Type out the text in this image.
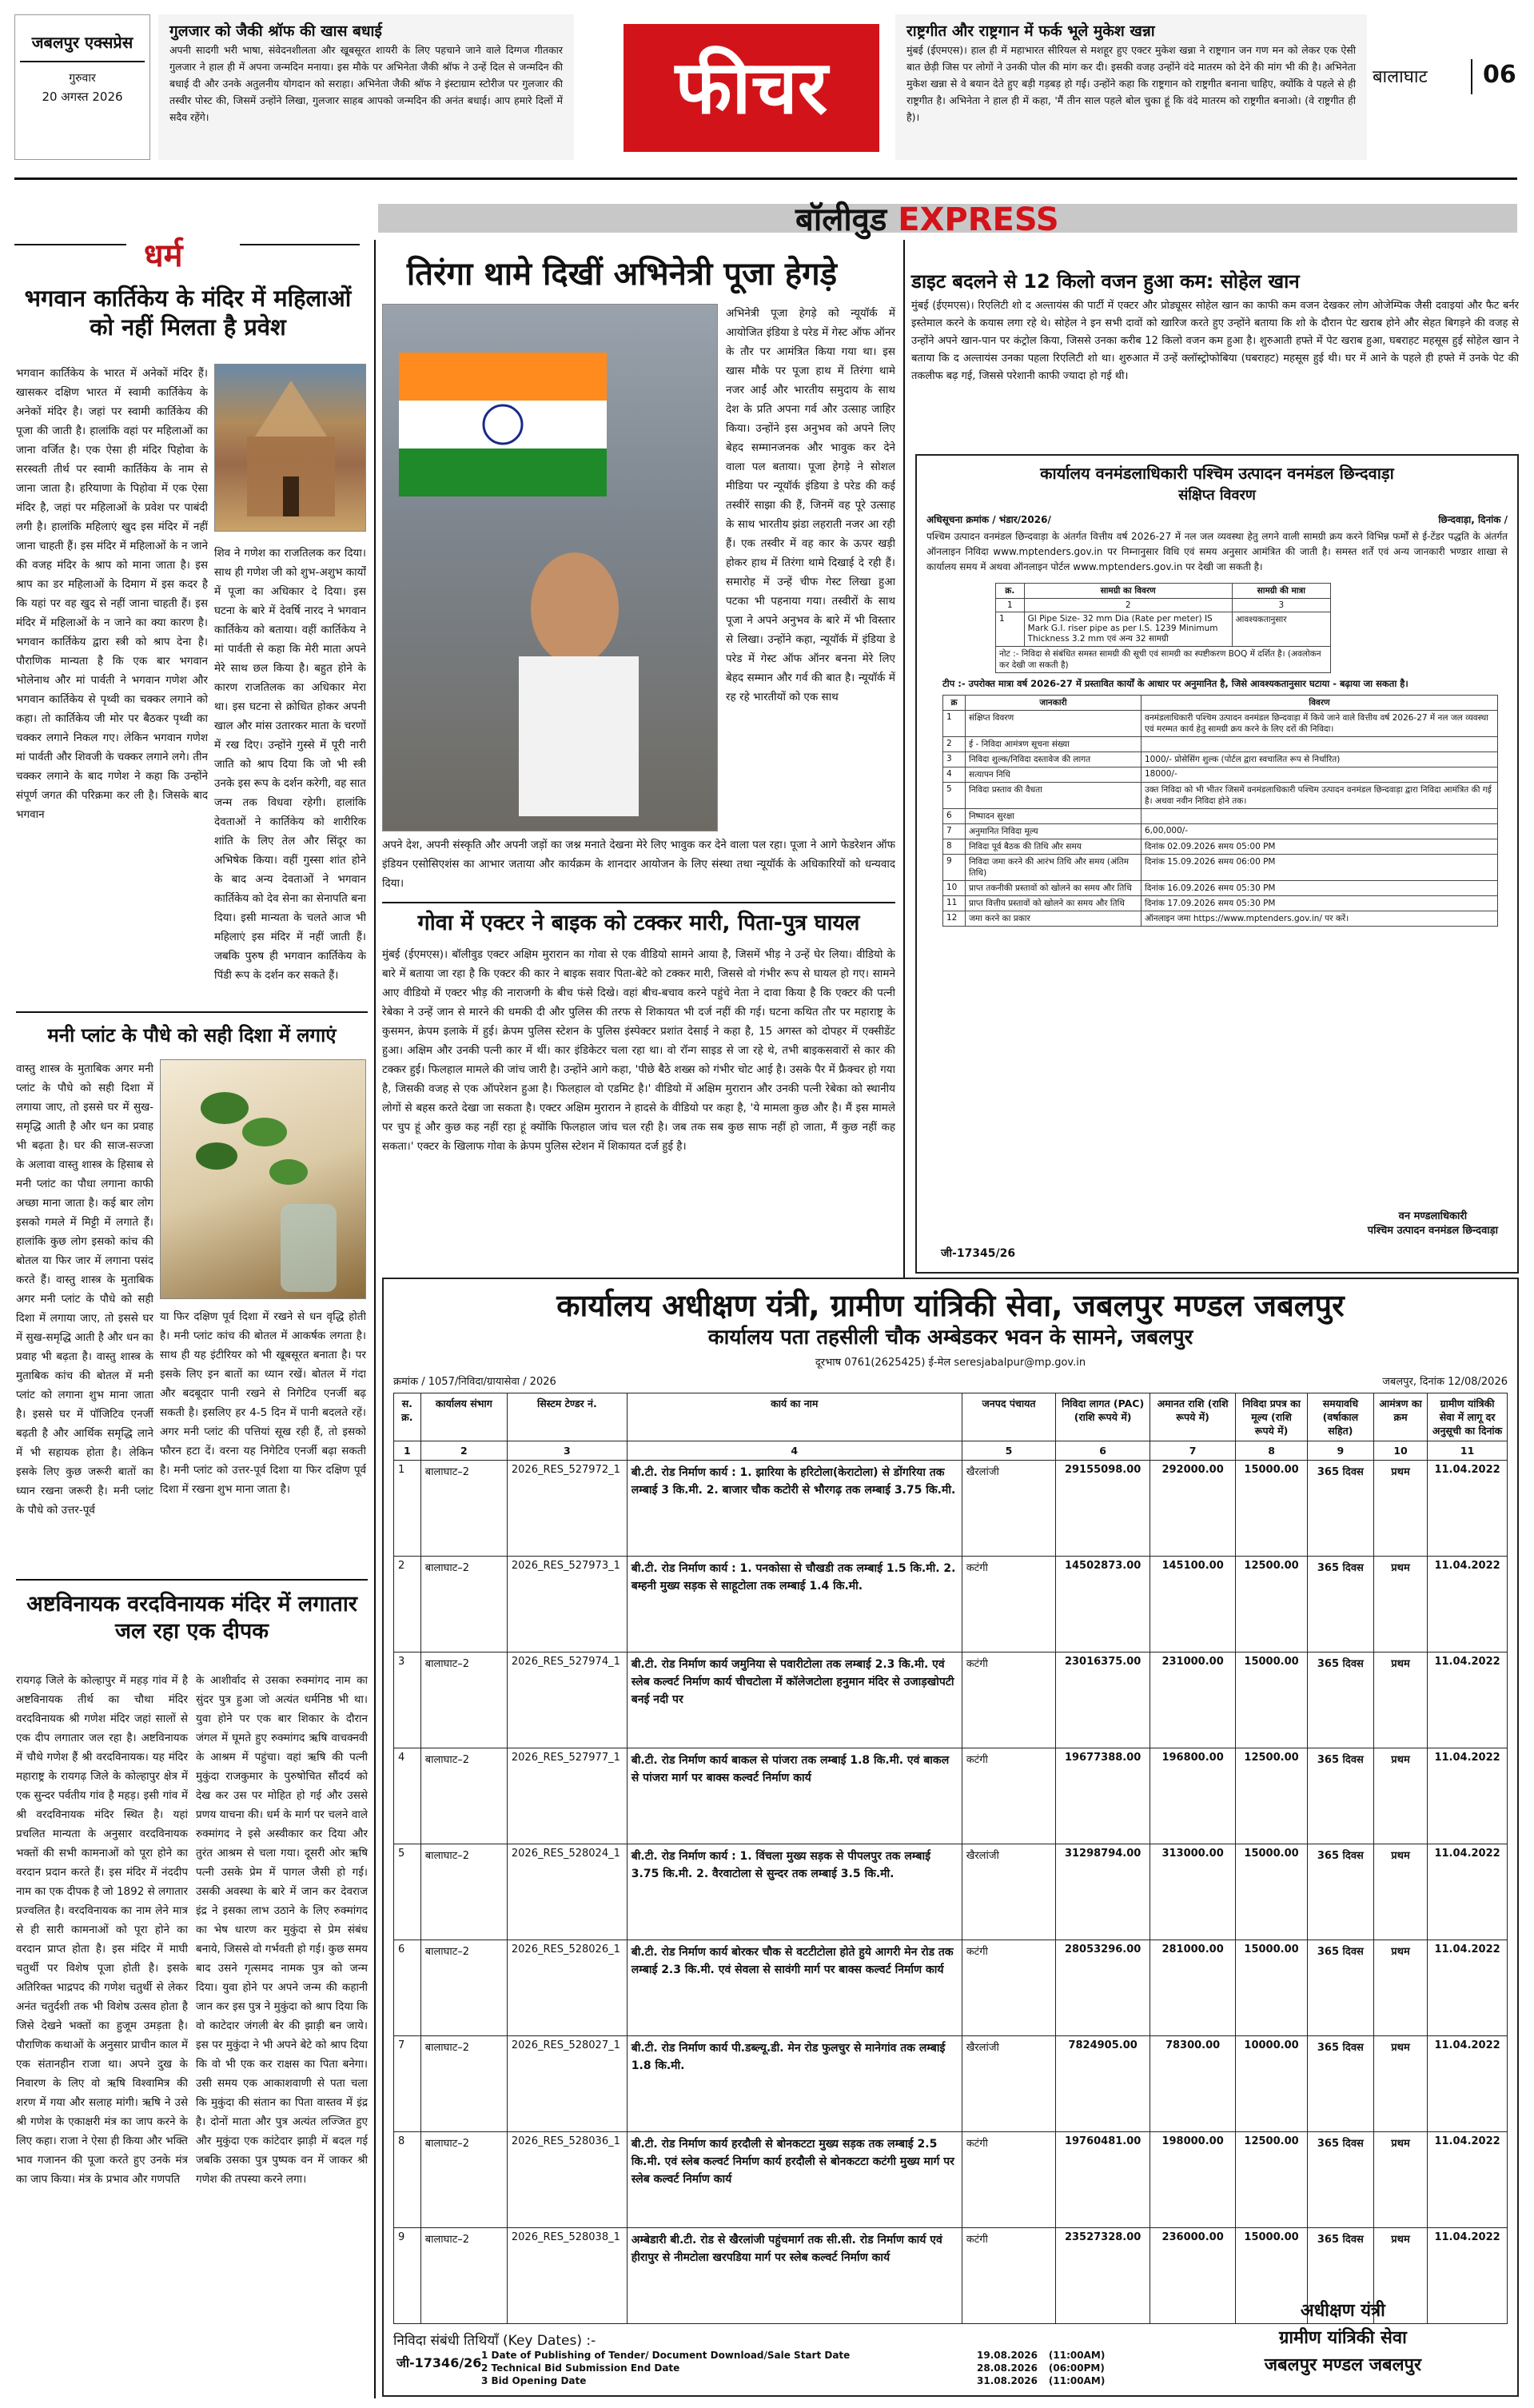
जबलपुर एक्सप्रेस
गुरुवार
20 अगस्त 2026
गुलजार को जैकी श्रॉफ की खास बधाई

अपनी सादगी भरी भाषा, संवेदनशीलता और खूबसूरत शायरी के लिए पहचाने जाने वाले दिग्गज गीतकार गुलजार ने हाल ही में अपना जन्मदिन मनाया। इस मौके पर अभिनेता जैकी श्रॉफ ने उन्हें दिल से जन्मदिन की बधाई दी और उनके अतुलनीय योगदान को सराहा। अभिनेता जैकी श्रॉफ ने इंस्टाग्राम स्टोरीज पर गुलजार की तस्वीर पोस्ट की, जिसमें उन्होंने लिखा, गुलजार साहब आपको जन्मदिन की अनंत बधाई। आप हमारे दिलों में सदैव रहेंगे।	फीचर
राष्ट्रगीत और राष्ट्रगान में फर्क भूले मुकेश खन्ना

मुंबई (ईएमएस)। हाल ही में महाभारत सीरियल से मशहूर हुए एक्टर मुकेश खन्ना ने राष्ट्रगान जन गण मन को लेकर एक ऐसी बात छेड़ी जिस पर लोगों ने उनकी पोल की मांग कर दी। इसकी वजह उन्होंने वंदे मातरम को देने की मांग भी की है। अभिनेता मुकेश खन्ना से वे बयान देते हुए बड़ी गड़बड़ हो गई। उन्होंने कहा कि राष्ट्रगान को राष्ट्रगीत बनाना चाहिए, क्योंकि वे पहले से ही राष्ट्रगीत है। अभिनेता ने हाल ही में कहा, 'मैं तीन साल पहले बोल चुका हूं कि वंदे मातरम को राष्ट्रगीत बनाओ। (वे राष्ट्रगीत ही है)।

बालाघाट 06
बॉलीवुड EXPRESS
धर्म
भगवान कार्तिकेय के मंदिर में महिलाओं को नहीं मिलता है प्रवेश

भगवान कार्तिकेय के भारत में अनेकों मंदिर हैं। खासकर दक्षिण भारत में स्वामी कार्तिकेय के अनेकों मंदिर है। जहां पर स्वामी कार्तिकेय की पूजा की जाती है। हालांकि वहां पर महिलाओं का जाना वर्जित है। एक ऐसा ही मंदिर पिहोवा के सरस्वती तीर्थ पर स्वामी कार्तिकेय के नाम से जाना जाता है। हरियाणा के पिहोवा में एक ऐसा मंदिर है, जहां पर महिलाओं के प्रवेश पर पाबंदी लगी है। हालांकि महिलाएं खुद इस मंदिर में नहीं जाना चाहती हैं। इस मंदिर में महिलाओं के न जाने की वजह मंदिर के श्राप को माना जाता है। इस श्राप का डर महिलाओं के दिमाग में इस कदर है कि यहां पर वह खुद से नहीं जाना चाहती हैं। इस मंदिर में महिलाओं के न जाने का क्या कारण है। भगवान कार्तिकेय द्वारा स्त्री को श्राप देना है। पौराणिक मान्यता है कि एक बार भगवान भोलेनाथ और मां पार्वती ने भगवान गणेश और भगवान कार्तिकेय से पृथ्वी का चक्कर लगाने को कहा। तो कार्तिकेय जी मोर पर बैठकर पृथ्वी का चक्कर लगाने निकल गए। लेकिन भगवान गणेश मां पार्वती और शिवजी के चक्कर लगाने लगे। तीन चक्कर लगाने के बाद गणेश ने कहा कि उन्होंने संपूर्ण जगत की परिक्रमा कर ली है। जिसके बाद भगवान

शिव ने गणेश का राजतिलक कर दिया। साथ ही गणेश जी को शुभ-अशुभ कार्यों में पूजा का अधिकार दे दिया। इस घटना के बारे में देवर्षि नारद ने भगवान कार्तिकेय को बताया। वहीं कार्तिकेय ने मां पार्वती से कहा कि मेरी माता अपने मेरे साथ छल किया है। बहुत होने के कारण राजतिलक का अधिकार मेरा था। इस घटना से क्रोधित होकर अपनी खाल और मांस उतारकर माता के चरणों में रख दिए। उन्होंने गुस्से में पूरी नारी जाति को श्राप दिया कि जो भी स्त्री उनके इस रूप के दर्शन करेगी, वह सात जन्म तक विधवा रहेगी। हालांकि देवताओं ने कार्तिकेय को शारीरिक शांति के लिए तेल और सिंदूर का अभिषेक किया। वहीं गुस्सा शांत होने के बाद अन्य देवताओं ने भगवान कार्तिकेय को देव सेना का सेनापति बना दिया। इसी मान्यता के चलते आज भी महिलाएं इस मंदिर में नहीं जाती हैं। जबकि पुरुष ही भगवान कार्तिकेय के पिंडी रूप के दर्शन कर सकते हैं।

मनी प्लांट के पौधे को सही दिशा में लगाएं

वास्तु शास्त्र के मुताबिक अगर मनी प्लांट के पौधे को सही दिशा में लगाया जाए, तो इससे घर में सुख-समृद्धि आती है और धन का प्रवाह भी बढ़ता है। घर की साज-सज्जा के अलावा वास्तु शास्त्र के हिसाब से मनी प्लांट का पौधा लगाना काफी अच्छा माना जाता है। कई बार लोग इसको गमले में मिट्टी में लगाते हैं। हालांकि कुछ लोग इसको कांच की बोतल या फिर जार में लगाना पसंद करते हैं। वास्तु शास्त्र के मुताबिक अगर मनी प्लांट के पौधे को सही दिशा में लगाया जाए, तो इससे घर में सुख-समृद्धि आती है और धन का प्रवाह भी बढ़ता है। वास्तु शास्त्र के मुताबिक कांच की बोतल में मनी प्लांट को लगाना शुभ माना जाता है। इससे घर में पॉजिटिव एनर्जी बढ़ती है और आर्थिक समृद्धि लाने में भी सहायक होता है। लेकिन इसके लिए कुछ जरूरी बातों का ध्यान रखना जरूरी है। मनी प्लांट के पौधे को उत्तर-पूर्व

या फिर दक्षिण पूर्व दिशा में रखने से धन वृद्धि होती है। मनी प्लांट कांच की बोतल में आकर्षक लगता है। साथ ही यह इंटीरियर को भी खूबसूरत बनाता है। पर इसके लिए इन बातों का ध्यान रखें। बोतल में गंदा और बदबूदार पानी रखने से निगेटिव एनर्जी बढ़ सकती है। इसलिए हर 4-5 दिन में पानी बदलते रहें। अगर मनी प्लांट की पत्तियां सूख रही हैं, तो इसको फौरन हटा दें। वरना यह निगेटिव एनर्जी बढ़ा सकती है। मनी प्लांट को उत्तर-पूर्व दिशा या फिर दक्षिण पूर्व दिशा में रखना शुभ माना जाता है।

अष्टविनायक वरदविनायक मंदिर में लगातार जल रहा एक दीपक

रायगढ़ जिले के कोल्हापुर में महड़ गांव में है अष्टविनायक तीर्थ का चौथा मंदिर वरदविनायक श्री गणेश मंदिर जहां सालों से एक दीप लगातार जल रहा है। अष्टविनायक में चौथे गणेश हैं श्री वरदविनायक। यह मंदिर महाराष्ट्र के रायगढ़ जिले के कोल्हापुर क्षेत्र में एक सुन्दर पर्वतीय गांव है महड़। इसी गांव में श्री वरदविनायक मंदिर स्थित है। यहां प्रचलित मान्यता के अनुसार वरदविनायक भक्तों की सभी कामनाओं को पूरा होने का वरदान प्रदान करते हैं। इस मंदिर में नंददीप नाम का एक दीपक है जो 1892 से लगातार प्रज्वलित है। वरदविनायक का नाम लेने मात्र से ही सारी कामनाओं को पूरा होने का वरदान प्राप्त होता है। इस मंदिर में माघी चतुर्थी पर विशेष पूजा होती है। इसके अतिरिक्त भाद्रपद की गणेश चतुर्थी से लेकर अनंत चतुर्दशी तक भी विशेष उत्सव होता है जिसे देखने भक्तों का हुजूम उमड़ता है। पौराणिक कथाओं के अनुसार प्राचीन काल में एक संतानहीन राजा था। अपने दुख के निवारण के लिए वो ऋषि विश्वामित्र की शरण में गया और सलाह मांगी। ऋषि ने उसे श्री गणेश के एकाक्षरी मंत्र का जाप करने के लिए कहा। राजा ने ऐसा ही किया और भक्ति भाव गजानन की पूजा करते हुए उनके मंत्र का जाप किया। मंत्र के प्रभाव और गणपति

के आशीर्वाद से उसका रुक्मांगद नाम का सुंदर पुत्र हुआ जो अत्यंत धर्मनिष्ठ भी था। युवा होने पर एक बार शिकार के दौरान जंगल में घूमते हुए रुक्मांगद ऋषि वाचक्नवी के आश्रम में पहुंचा। वहां ऋषि की पत्नी मुकुंदा राजकुमार के पुरुषोचित सौंदर्य को देख कर उस पर मोहित हो गई और उससे प्रणय याचना की। धर्म के मार्ग पर चलने वाले रुक्मांगद ने इसे अस्वीकार कर दिया और तुरंत आश्रम से चला गया। दूसरी ओर ऋषि पत्नी उसके प्रेम में पागल जैसी हो गई। उसकी अवस्था के बारे में जान कर देवराज इंद्र ने इसका लाभ उठाने के लिए रुक्मांगद का भेष धारण कर मुकुंदा से प्रेम संबंध बनाये, जिससे वो गर्भवती हो गई। कुछ समय बाद उसने गृत्समद नामक पुत्र को जन्म दिया। युवा होने पर अपने जन्म की कहानी जान कर इस पुत्र ने मुकुंदा को श्राप दिया कि वो काटेदार जंगली बेर की झाड़ी बन जाये। इस पर मुकुंदा ने भी अपने बेटे को श्राप दिया कि वो भी एक कर राक्षस का पिता बनेगा। उसी समय एक आकाशवाणी से पता चला कि मुकुंदा की संतान का पिता वास्तव में इंद्र है। दोनों माता और पुत्र अत्यंत लज्जित हुए और मुकुंदा एक कांटेदार झाड़ी में बदल गई जबकि उसका पुत्र पुष्पक वन में जाकर श्री गणेश की तपस्या करने लगा।

तिरंगा थामे दिखीं अभिनेत्री पूजा हेगड़े

अभिनेत्री पूजा हेगड़े को न्यूयॉर्क में आयोजित इंडिया डे परेड में गेस्ट ऑफ ऑनर के तौर पर आमंत्रित किया गया था। इस खास मौके पर पूजा हाथ में तिरंगा थामे नजर आईं और भारतीय समुदाय के साथ देश के प्रति अपना गर्व और उत्साह जाहिर किया। उन्होंने इस अनुभव को अपने लिए बेहद सम्मानजनक और भावुक कर देने वाला पल बताया। पूजा हेगड़े ने सोशल मीडिया पर न्यूयॉर्क इंडिया डे परेड की कई तस्वीरें साझा की हैं, जिनमें वह पूरे उत्साह के साथ भारतीय झंडा लहराती नजर आ रही हैं। एक तस्वीर में वह कार के ऊपर खड़ी होकर हाथ में तिरंगा थामे दिखाई दे रही हैं। समारोह में उन्हें चीफ गेस्ट लिखा हुआ पटका भी पहनाया गया। तस्वीरों के साथ पूजा ने अपने अनुभव के बारे में भी विस्तार से लिखा। उन्होंने कहा, न्यूयॉर्क में इंडिया डे परेड में गेस्ट ऑफ ऑनर बनना मेरे लिए बेहद सम्मान और गर्व की बात है। न्यूयॉर्क में रह रहे भारतीयों को एक साथ

अपने देश, अपनी संस्कृति और अपनी जड़ों का जश्न मनाते देखना मेरे लिए भावुक कर देने वाला पल रहा। पूजा ने आगे फेडरेशन ऑफ इंडियन एसोसिएशंस का आभार जताया और कार्यक्रम के शानदार आयोजन के लिए संस्था तथा न्यूयॉर्क के अधिकारियों को धन्यवाद दिया।

गोवा में एक्टर ने बाइक को टक्कर मारी, पिता-पुत्र घायल

मुंबई (ईएमएस)। बॉलीवुड एक्टर अक्षिम मुरारान का गोवा से एक वीडियो सामने आया है, जिसमें भीड़ ने उन्हें घेर लिया। वीडियो के बारे में बताया जा रहा है कि एक्टर की कार ने बाइक सवार पिता-बेटे को टक्कर मारी, जिससे वो गंभीर रूप से घायल हो गए। सामने आए वीडियो में एक्टर भीड़ की नाराजगी के बीच फंसे दिखे। वहां बीच-बचाव करने पहुंचे नेता ने दावा किया है कि एक्टर की पत्नी रेबेका ने उन्हें जान से मारने की धमकी दी और पुलिस की तरफ से शिकायत भी दर्ज नहीं की गई। घटना कथित तौर पर महाराष्ट्र के कुसमन, क्रेपम इलाके में हुई। क्रेपम पुलिस स्टेशन के पुलिस इंस्पेक्टर प्रशांत देसाई ने कहा है, 15 अगस्त को दोपहर में एक्सीडेंट हुआ। अक्षिम और उनकी पत्नी कार में थीं। कार इंडिकेटर चला रहा था। वो रॉन्ग साइड से जा रहे थे, तभी बाइकसवारों से कार की टक्कर हुई। फिलहाल मामले की जांच जारी है। उन्होंने आगे कहा, 'पीछे बैठे शख्स को गंभीर चोट आई है। उसके पैर में फ्रैक्चर हो गया है, जिसकी वजह से एक ऑपरेशन हुआ है। फिलहाल वो एडमिट है।' वीडियो में अक्षिम मुरारान और उनकी पत्नी रेबेका को स्थानीय लोगों से बहस करते देखा जा सकता है। एक्टर अक्षिम मुरारान ने हादसे के वीडियो पर कहा है, 'ये मामला कुछ और है। मैं इस मामले पर चुप हूं और कुछ कह नहीं रहा हूं क्योंकि फिलहाल जांच चल रही है। जब तक सब कुछ साफ नहीं हो जाता, मैं कुछ नहीं कह सकता।' एक्टर के खिलाफ गोवा के क्रेपम पुलिस स्टेशन में शिकायत दर्ज हुई है।

डाइट बदलने से 12 किलो वजन हुआ कम: सोहेल खान

मुंबई (ईएमएस)। रिएलिटी शो द अल्तायंस की पार्टी में एक्टर और प्रोड्यूसर सोहेल खान का काफी कम वजन देखकर लोग ओजेम्पिक जैसी दवाइयां और फैट बर्नर इस्तेमाल करने के कयास लगा रहे थे। सोहेल ने इन सभी दावों को खारिज करते हुए उन्होंने बताया कि शो के दौरान पेट खराब होने और सेहत बिगड़ने की वजह से उन्होंने अपने खान-पान पर कंट्रोल किया, जिससे उनका करीब 12 किलो वजन कम हुआ है। शुरुआती हफ्ते में पेट खराब हुआ, घबराहट महसूस हुई सोहेल खान ने बताया कि द अल्तायंस उनका पहला रिएलिटी शो था। शुरुआत में उन्हें क्लॉस्ट्रोफोबिया (घबराहट) महसूस हुई थी। घर में आने के पहले ही हफ्ते में उनके पेट की तकलीफ बढ़ गई, जिससे परेशानी काफी ज्यादा हो गई थी।

कार्यालय वनमंडलाधिकारी पश्चिम उत्पादन वनमंडल छिन्दवाड़ा
संक्षिप्त विवरण
अधिसूचना क्रमांक / भंडार/2026/	छिन्दवाड़ा, दिनांक /

पश्चिम उत्पादन वनमंडल छिन्दवाड़ा के अंतर्गत वित्तीय वर्ष 2026-27 में नल जल व्यवस्था हेतु लगने वाली सामग्री क्रय करने विभिन्न फर्मों से ई-टेंडर पद्धति के अंतर्गत ऑनलाइन निविदा www.mptenders.gov.in पर निम्नानुसार विधि एवं समय अनुसार आमंत्रित की जाती है। समस्त शर्तें एवं अन्य जानकारी भण्डार शाखा से कार्यालय समय में अथवा ऑनलाइन पोर्टल www.mptenders.gov.in पर देखी जा सकती है।

क्र.	सामग्री का विवरण	सामग्री की मात्रा
1	2	3
1	GI Pipe Size- 32 mm Dia (Rate per meter) IS Mark G.I. riser pipe as per I.S. 1239 Minimum Thickness 3.2 mm एवं अन्य 32 सामग्री	आवश्यकतानुसार
नोट :- निविदा से संबंधित समस्त सामग्री की सूची एवं सामग्री का स्पष्टीकरण BOQ में दर्शित है। (अवलोकन कर देखी जा सकती है)		

टीप :- उपरोक्त मात्रा वर्ष 2026-27 में प्रस्तावित कार्यों के आधार पर अनुमानित है, जिसे आवश्यकतानुसार घटाया - बढ़ाया जा सकता है।

क्र	जानकारी	विवरण
1	संक्षिप्त विवरण	वनमंडलाधिकारी पश्चिम उत्पादन वनमंडल छिन्दवाड़ा में किये जाने वाले वित्तीय वर्ष 2026-27 में नल जल व्यवस्था एवं मरम्मत कार्य हेतु सामग्री क्रय करने के लिए दरों की निविदा।
2	ई - निविदा आमंत्रण सूचना संख्या	
3	निविदा शुल्क/निविदा दस्तावेज की लागत	1000/- प्रोसेसिंग शुल्क (पोर्टल द्वारा स्वचालित रूप से निर्धारित)
4	सत्यापन निधि	18000/-
5	निविदा प्रस्ताव की वैधता	उक्त निविदा को भी भीतर जिसमें वनमंडलाधिकारी पश्चिम उत्पादन वनमंडल छिन्दवाड़ा द्वारा निविदा आमंत्रित की गई है। अथवा नवीन निविदा होने तक।
6	निष्पादन सुरक्षा	
7	अनुमानित निविदा मूल्य	6,00,000/-
8	निविदा पूर्व बैठक की तिथि और समय	दिनांक 02.09.2026 समय 05:00 PM
9	निविदा जमा करने की आरंभ तिथि और समय (अंतिम तिथि)	दिनांक 15.09.2026 समय 06:00 PM
10	प्राप्त तकनीकी प्रस्तावों को खोलने का समय और तिथि	दिनांक 16.09.2026 समय 05:30 PM
11	प्राप्त वित्तीय प्रस्तावों को खोलने का समय और तिथि	दिनांक 17.09.2026 समय 05:30 PM
12	जमा करने का प्रकार	ऑनलाइन जमा https://www.mptenders.gov.in/ पर करें।
वन मण्डलाधिकारी
पश्चिम उत्पादन वनमंडल छिन्दवाड़ा
जी-17345/26
कार्यालय अधीक्षण यंत्री, ग्रामीण यांत्रिकी सेवा, जबलपुर मण्डल जबलपुर
कार्यालय पता तहसीली चौक अम्बेडकर भवन के सामने, जबलपुर
दूरभाष 0761(2625425) ई-मेल seresjabalpur@mp.gov.in
क्रमांक / 1057/निविदा/ग्रायासेवा / 2026	जबलपुर, दिनांक 12/08/2026
स. क्र.	कार्यालय संभाग	सिस्टम टेण्डर नं.	कार्य का नाम	जनपद पंचायत	निविदा लागत (PAC) (राशि रूपये में)	अमानत राशि (राशि रूपये में)	निविदा प्रपत्र का मूल्य (राशि रूपये में)	समयावधि (वर्षाकाल सहित)	आमंत्रण का क्रम	ग्रामीण यांत्रिकी सेवा में लागू दर अनुसूची का दिनांक
1	2	3	4	5	6	7	8	9	10	11
1	बालाघाट–2	2026_RES_527972_1	बी.टी. रोड निर्माण कार्य : 1. झारिया के हरिटोला(केराटोला) से डोंगरिया तक लम्बाई 3 कि.मी. 2. बाजार चौक कटोरी से भौरगढ़ तक लम्बाई 3.75 कि.मी.	खैरलांजी	29155098.00	292000.00	15000.00	365 दिवस	प्रथम	11.04.2022
2	बालाघाट–2	2026_RES_527973_1	बी.टी. रोड निर्माण कार्य : 1. पनकोसा से चौखडी तक लम्बाई 1.5 कि.मी. 2. बम्हनी मुख्य सड़क से साहूटोला तक लम्बाई 1.4 कि.मी.	कटंगी	14502873.00	145100.00	12500.00	365 दिवस	प्रथम	11.04.2022
3	बालाघाट–2	2026_RES_527974_1	बी.टी. रोड निर्माण कार्य जमुनिया से पवारीटोला तक लम्बाई 2.3 कि.मी. एवं स्लेब कल्वर्ट निर्माण कार्य चीचटोला में कॉलेजटोला हनुमान मंदिर से उजाड़खोपटी बनई नदी पर	कटंगी	23016375.00	231000.00	15000.00	365 दिवस	प्रथम	11.04.2022
4	बालाघाट–2	2026_RES_527977_1	बी.टी. रोड निर्माण कार्य बाकल से पांजरा तक लम्बाई 1.8 कि.मी. एवं बाकल से पांजरा मार्ग पर बाक्स कल्वर्ट निर्माण कार्य	कटंगी	19677388.00	196800.00	12500.00	365 दिवस	प्रथम	11.04.2022
5	बालाघाट–2	2026_RES_528024_1	बी.टी. रोड निर्माण कार्य : 1. विंचला मुख्य सड़क से पीपलपुर तक लम्बाई 3.75 कि.मी. 2. वैरवाटोला से सुन्दर तक लम्बाई 3.5 कि.मी.	खैरलांजी	31298794.00	313000.00	15000.00	365 दिवस	प्रथम	11.04.2022
6	बालाघाट–2	2026_RES_528026_1	बी.टी. रोड निर्माण कार्य बोरकर चौक से वटटीटोला होते हुये आगरी मेन रोड तक लम्बाई 2.3 कि.मी. एवं सेवला से सावंगी मार्ग पर बाक्स कल्वर्ट निर्माण कार्य	कटंगी	28053296.00	281000.00	15000.00	365 दिवस	प्रथम	11.04.2022
7	बालाघाट–2	2026_RES_528027_1	बी.टी. रोड निर्माण कार्य पी.डब्ल्यू.डी. मेन रोड फुलचुर से मानेगांव तक लम्बाई 1.8 कि.मी.	खैरलांजी	7824905.00	78300.00	10000.00	365 दिवस	प्रथम	11.04.2022
8	बालाघाट–2	2026_RES_528036_1	बी.टी. रोड निर्माण कार्य हरदौली से बोनकटटा मुख्य सड़क तक लम्बाई 2.5 कि.मी. एवं स्लेब कल्वर्ट निर्माण कार्य हरदौली से बोनकटटा कटंगी मुख्य मार्ग पर स्लेब कल्वर्ट निर्माण कार्य	कटंगी	19760481.00	198000.00	12500.00	365 दिवस	प्रथम	11.04.2022
9	बालाघाट–2	2026_RES_528038_1	अम्बेडारी बी.टी. रोड से खैरलांजी पहुंचमार्ग तक सी.सी. रोड निर्माण कार्य एवं हीरापुर से नीमटोला खरपडिया मार्ग पर स्लेब कल्वर्ट निर्माण कार्य	कटंगी	23527328.00	236000.00	15000.00	365 दिवस	प्रथम	11.04.2022
निविदा संबंधी तिथियाँ (Key Dates) :-
1 Date of Publishing of Tender/ Document Download/Sale Start Date	19.08.2026	(11:00AM)
2 Technical Bid Submission End Date	28.08.2026	(06:00PM)
3 Bid Opening Date	31.08.2026	(11:00AM)
अधीक्षण यंत्री
ग्रामीण यांत्रिकी सेवा
जबलपुर मण्डल जबलपुर
जी-17346/26
